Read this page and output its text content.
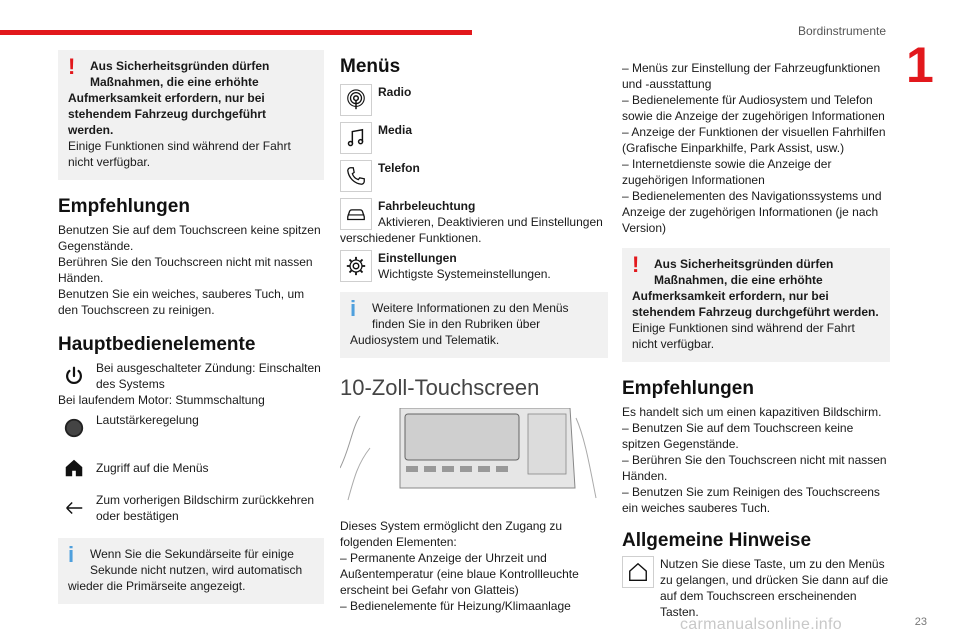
Bordinstrumente
1
!	Aus Sicherheitsgründen dürfen Maßnahmen, die eine erhöhte
Aufmerksamkeit erfordern, nur bei stehendem Fahrzeug durchgeführt werden.
Einige Funktionen sind während der Fahrt nicht verfügbar.
Empfehlungen
Benutzen Sie auf dem Touchscreen keine spitzen Gegenstände.
Berühren Sie den Touchscreen nicht mit nassen Händen.
Benutzen Sie ein weiches, sauberes Tuch, um den Touchscreen zu reinigen.
Hauptbedienelemente
Bei ausgeschalteter Zündung: Einschalten des Systems
Bei laufendem Motor: Stummschaltung
Lautstärkeregelung
Zugriff auf die Menüs
Zum vorherigen Bildschirm zurückkehren oder bestätigen
i	Wenn Sie die Sekundärseite für einige Sekunde nicht nutzen, wird automatisch
wieder die Primärseite angezeigt.
Menüs
Radio
Media
Telefon
Fahrbeleuchtung
Aktivieren, Deaktivieren und Einstellungen
verschiedener Funktionen.
Einstellungen
Wichtigste Systemeinstellungen.
i	Weitere Informationen zu den Menüs finden Sie in den Rubriken über
Audiosystem und Telematik.
10-Zoll-Touchscreen
Dieses System ermöglicht den Zugang zu folgenden Elementen:
– Permanente Anzeige der Uhrzeit und Außentemperatur (eine blaue Kontrollleuchte erscheint bei Gefahr von Glatteis)
– Bedienelemente für Heizung/Klimaanlage
– Menüs zur Einstellung der Fahrzeugfunktionen und -ausstattung
– Bedienelemente für Audiosystem und Telefon sowie die Anzeige der zugehörigen Informationen
– Anzeige der Funktionen der visuellen Fahrhilfen (Grafische Einparkhilfe, Park Assist, usw.)
– Internetdienste sowie die Anzeige der zugehörigen Informationen
– Bedienelementen des Navigationssystems und Anzeige der zugehörigen Informationen (je nach Version)
!	Aus Sicherheitsgründen dürfen Maßnahmen, die eine erhöhte
Aufmerksamkeit erfordern, nur bei stehendem Fahrzeug durchgeführt werden.
Einige Funktionen sind während der Fahrt nicht verfügbar.
Empfehlungen
Es handelt sich um einen kapazitiven Bildschirm.
– Benutzen Sie auf dem Touchscreen keine spitzen Gegenstände.
– Berühren Sie den Touchscreen nicht mit nassen Händen.
– Benutzen Sie zum Reinigen des Touchscreens ein weiches sauberes Tuch.
Allgemeine Hinweise
Nutzen Sie diese Taste, um zu den Menüs zu gelangen, und drücken Sie dann auf die auf dem Touchscreen erscheinenden Tasten.
carmanualsonline.info	23
